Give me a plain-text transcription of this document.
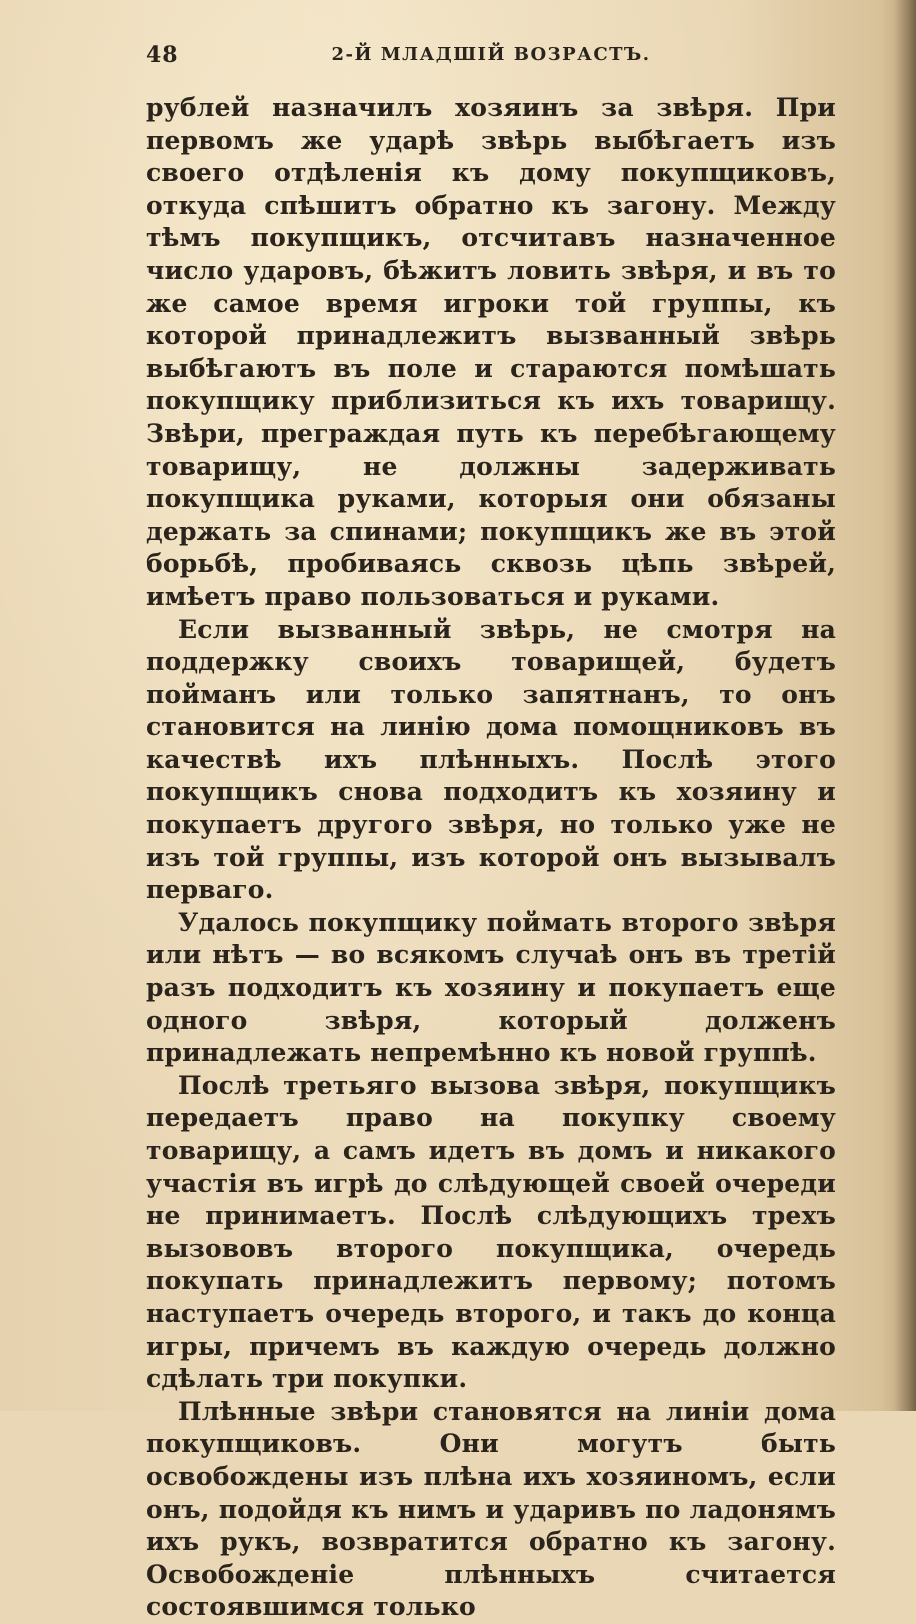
48	2-Й МЛАДШІЙ ВОЗРАСТЪ.

рублей назначилъ хозяинъ за звѣря. При первомъ же ударѣ звѣрь выбѣгаетъ изъ своего отдѣленія къ дому покупщиковъ, откуда спѣшитъ обратно къ загону. Между тѣмъ покупщикъ, отсчитавъ назначенное число ударовъ, бѣжитъ ловить звѣря, и въ то же самое время игроки той группы, къ которой принадлежитъ вызванный звѣрь выбѣгаютъ въ поле и стараются помѣшать покупщику приблизиться къ ихъ товарищу. Звѣри, преграждая путь къ перебѣгающему товарищу, не должны задерживать покупщика руками, которыя они обязаны держать за спинами; покупщикъ же въ этой борьбѣ, пробиваясь сквозь цѣпь звѣрей, имѣетъ право пользоваться и руками.

Если вызванный звѣрь, не смотря на поддержку своихъ товарищей, будетъ пойманъ или только запятнанъ, то онъ становится на линію дома помощниковъ въ качествѣ ихъ плѣнныхъ. Послѣ этого покупщикъ снова подходитъ къ хозяину и покупаетъ другого звѣря, но только уже не изъ той группы, изъ которой онъ вызывалъ перваго.

Удалось покупщику поймать второго звѣря или нѣтъ — во всякомъ случаѣ онъ въ третій разъ подходитъ къ хозяину и покупаетъ еще одного звѣря, который долженъ принадлежать непремѣнно къ новой группѣ.

Послѣ третьяго вызова звѣря, покупщикъ передаетъ право на покупку своему товарищу, а самъ идетъ въ домъ и никакого участія въ игрѣ до слѣдующей своей очереди не принимаетъ. Послѣ слѣдующихъ трехъ вызововъ второго покупщика, очередь покупать принадлежитъ первому; потомъ наступаетъ очередь второго, и такъ до конца игры, причемъ въ каждую очередь должно сдѣлать три покупки.

Плѣнные звѣри становятся на линіи дома покупщиковъ. Они могутъ быть освобождены изъ плѣна ихъ хозяиномъ, если онъ, подойдя къ нимъ и ударивъ по ладонямъ ихъ рукъ, возвратится обратно къ загону. Освобожденіе плѣнныхъ считается состоявшимся только
